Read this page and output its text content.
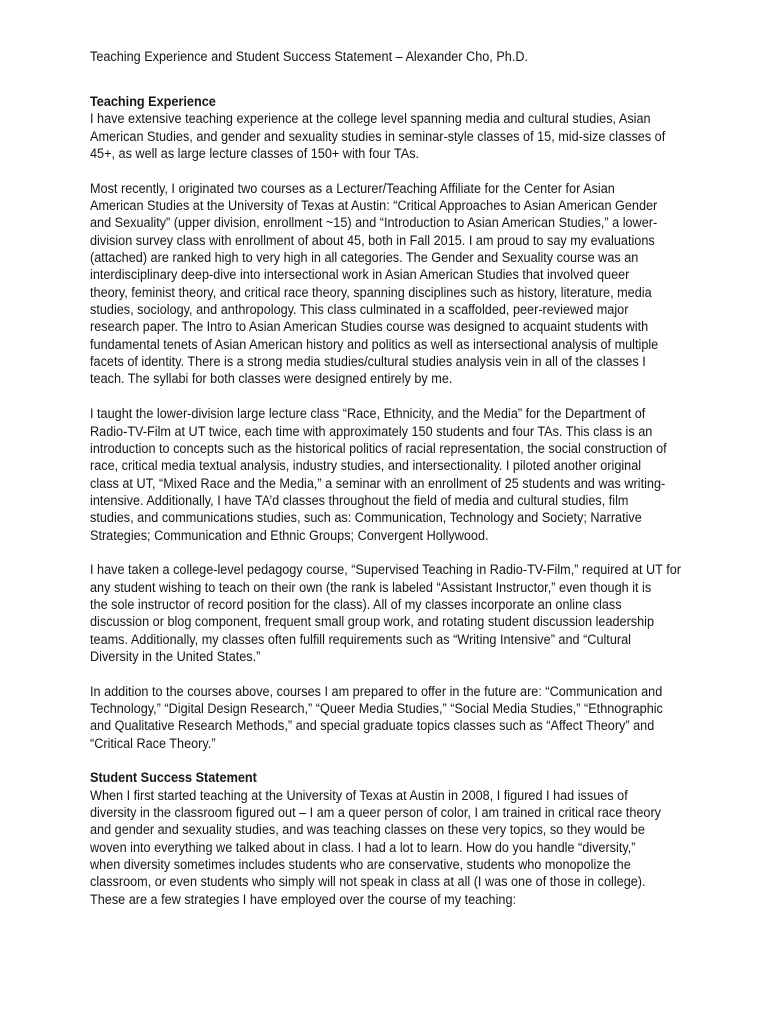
Teaching Experience and Student Success Statement – Alexander Cho, Ph.D.
Teaching Experience
I have extensive teaching experience at the college level spanning media and cultural studies, Asian
American Studies, and gender and sexuality studies in seminar-style classes of 15, mid-size classes of
45+, as well as large lecture classes of 150+ with four TAs.
Most recently, I originated two courses as a Lecturer/Teaching Affiliate for the Center for Asian
American Studies at the University of Texas at Austin: “Critical Approaches to Asian American Gender
and Sexuality” (upper division, enrollment ~15) and “Introduction to Asian American Studies,” a lower-
division survey class with enrollment of about 45, both in Fall 2015. I am proud to say my evaluations
(attached) are ranked high to very high in all categories. The Gender and Sexuality course was an
interdisciplinary deep-dive into intersectional work in Asian American Studies that involved queer
theory, feminist theory, and critical race theory, spanning disciplines such as history, literature, media
studies, sociology, and anthropology. This class culminated in a scaffolded, peer-reviewed major
research paper. The Intro to Asian American Studies course was designed to acquaint students with
fundamental tenets of Asian American history and politics as well as intersectional analysis of multiple
facets of identity. There is a strong media studies/cultural studies analysis vein in all of the classes I
teach. The syllabi for both classes were designed entirely by me.
I taught the lower-division large lecture class “Race, Ethnicity, and the Media” for the Department of
Radio-TV-Film at UT twice, each time with approximately 150 students and four TAs. This class is an
introduction to concepts such as the historical politics of racial representation, the social construction of
race, critical media textual analysis, industry studies, and intersectionality. I piloted another original
class at UT, “Mixed Race and the Media,” a seminar with an enrollment of 25 students and was writing-
intensive. Additionally, I have TA’d classes throughout the field of media and cultural studies, film
studies, and communications studies, such as: Communication, Technology and Society; Narrative
Strategies; Communication and Ethnic Groups; Convergent Hollywood.
I have taken a college-level pedagogy course, “Supervised Teaching in Radio-TV-Film,” required at UT for
any student wishing to teach on their own (the rank is labeled “Assistant Instructor,” even though it is
the sole instructor of record position for the class). All of my classes incorporate an online class
discussion or blog component, frequent small group work, and rotating student discussion leadership
teams. Additionally, my classes often fulfill requirements such as “Writing Intensive” and “Cultural
Diversity in the United States.”
In addition to the courses above, courses I am prepared to offer in the future are: “Communication and
Technology,” “Digital Design Research,” “Queer Media Studies,” “Social Media Studies,” “Ethnographic
and Qualitative Research Methods,” and special graduate topics classes such as “Affect Theory” and
“Critical Race Theory.”
Student Success Statement
When I first started teaching at the University of Texas at Austin in 2008, I figured I had issues of
diversity in the classroom figured out – I am a queer person of color, I am trained in critical race theory
and gender and sexuality studies, and was teaching classes on these very topics, so they would be
woven into everything we talked about in class. I had a lot to learn. How do you handle “diversity,”
when diversity sometimes includes students who are conservative, students who monopolize the
classroom, or even students who simply will not speak in class at all (I was one of those in college).
These are a few strategies I have employed over the course of my teaching:
